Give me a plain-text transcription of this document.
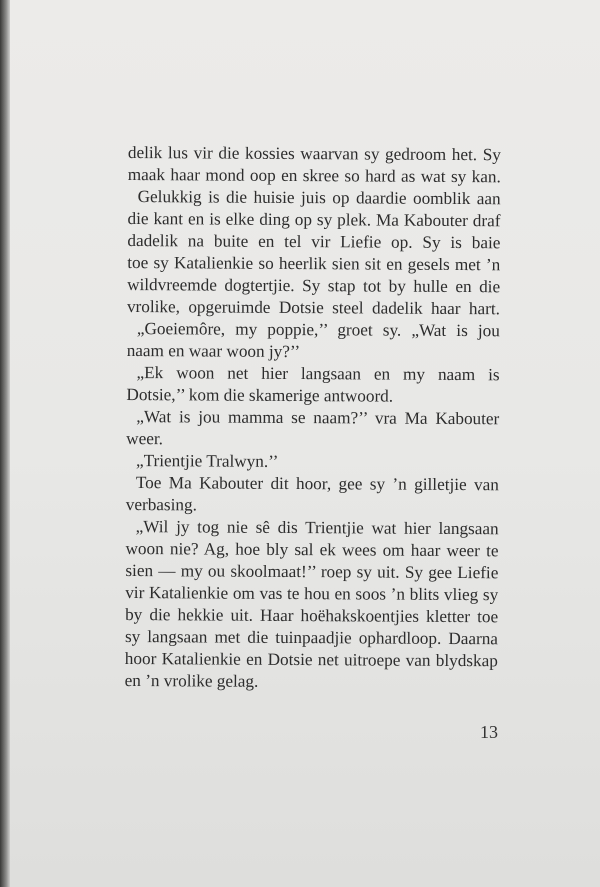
delik lus vir die kossies waarvan sy gedroom het. Sy
maak haar mond oop en skree so hard as wat sy kan.
Gelukkig is die huisie juis op daardie oomblik aan
die kant en is elke ding op sy plek. Ma Kabouter draf
dadelik na buite en tel vir Liefie op. Sy is baie
toe sy Katalienkie so heerlik sien sit en gesels met ’n
wildvreemde dogtertjie. Sy stap tot by hulle en die
vrolike, opgeruimde Dotsie steel dadelik haar hart.
„Goeiemôre, my poppie,’’ groet sy. „Wat is jou
naam en waar woon jy?’’
„Ek woon net hier langsaan en my naam is
Dotsie,’’ kom die skamerige antwoord.
„Wat is jou mamma se naam?’’ vra Ma Kabouter
weer.
„Trientjie Tralwyn.’’
Toe Ma Kabouter dit hoor, gee sy ’n gilletjie van
verbasing.
„Wil jy tog nie sê dis Trientjie wat hier langsaan
woon nie? Ag, hoe bly sal ek wees om haar weer te
sien — my ou skoolmaat!’’ roep sy uit. Sy gee Liefie
vir Katalienkie om vas te hou en soos ’n blits vlieg sy
by die hekkie uit. Haar hoëhakskoentjies kletter toe
sy langsaan met die tuinpaadjie ophardloop. Daarna
hoor Katalienkie en Dotsie net uitroepe van blydskap
en ’n vrolike gelag.
13
